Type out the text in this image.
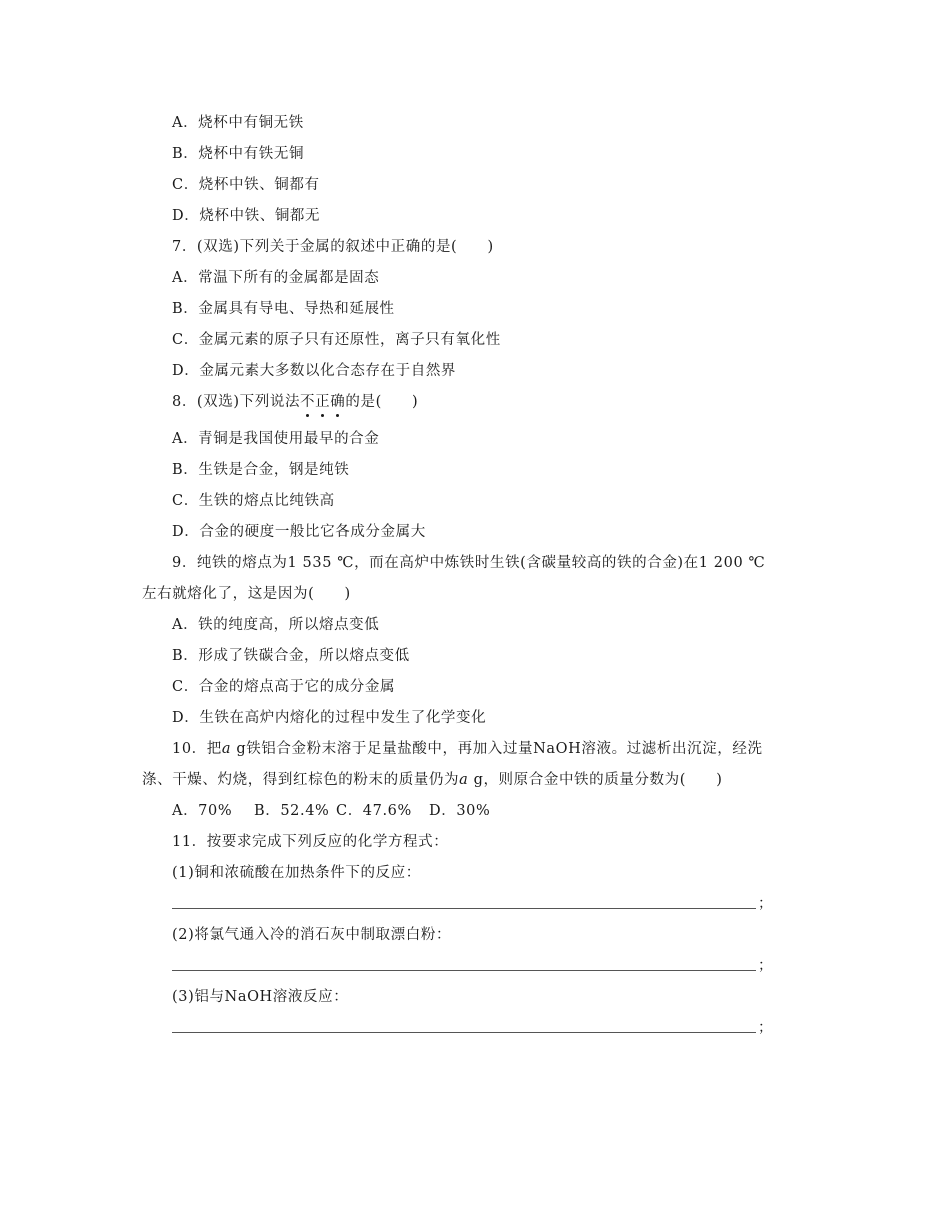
A．烧杯中有铜无铁
B．烧杯中有铁无铜
C．烧杯中铁、铜都有
D．烧杯中铁、铜都无
7．(双选)下列关于金属的叙述中正确的是(　　)
A．常温下所有的金属都是固态
B．金属具有导电、导热和延展性
C．金属元素的原子只有还原性，离子只有氧化性
D．金属元素大多数以化合态存在于自然界
8．(双选)下列说法不正确的是(　　)
A．青铜是我国使用最早的合金
B．生铁是合金，钢是纯铁
C．生铁的熔点比纯铁高
D．合金的硬度一般比它各成分金属大
9．纯铁的熔点为1 535 ℃，而在高炉中炼铁时生铁(含碳量较高的铁的合金)在1 200 ℃
左右就熔化了，这是因为(　　)
A．铁的纯度高，所以熔点变低
B．形成了铁碳合金，所以熔点变低
C．合金的熔点高于它的成分金属
D．生铁在高炉内熔化的过程中发生了化学变化
10．把a g铁铝合金粉末溶于足量盐酸中，再加入过量NaOH溶液。过滤析出沉淀，经洗
涤、干燥、灼烧，得到红棕色的粉末的质量仍为a g，则原合金中铁的质量分数为(　　)
A．70% B．52.4% C．47.6% D．30%
11．按要求完成下列反应的化学方程式：
(1)铜和浓硫酸在加热条件下的反应：
；
(2)将氯气通入冷的消石灰中制取漂白粉：
；
(3)铝与NaOH溶液反应：
；
